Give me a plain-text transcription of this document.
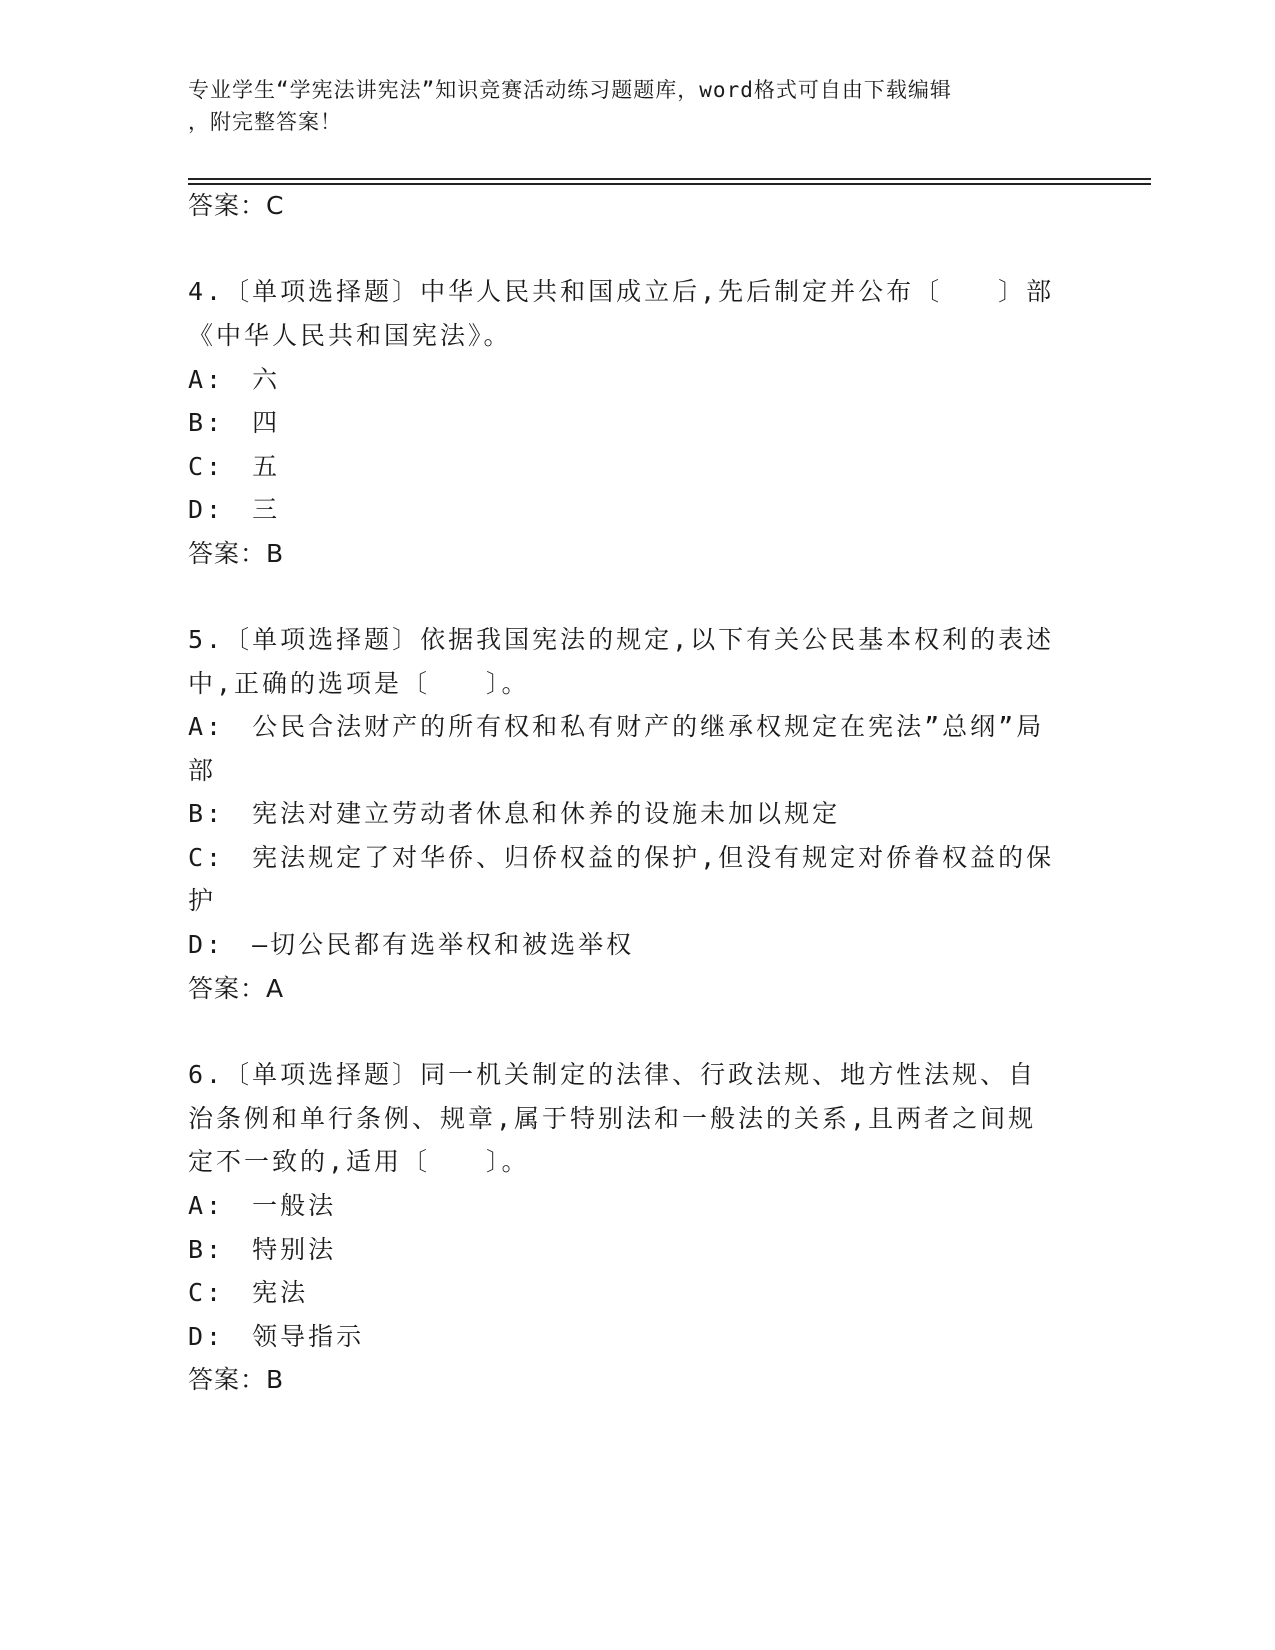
专业学生“学宪法讲宪法”知识竞赛活动练习题题库，word格式可自由下载编辑
，附完整答案！
答案：C
4.〔单项选择题〕中华人民共和国成立后,先后制定并公布〔　　〕部
《中华人民共和国宪法》。
A:　六
B:　四
C:　五
D:　三
答案：B
5.〔单项选择题〕依据我国宪法的规定,以下有关公民基本权利的表述
中,正确的选项是〔　　〕。
A:　公民合法财产的所有权和私有财产的继承权规定在宪法”总纲”局
部
B:　宪法对建立劳动者休息和休养的设施未加以规定
C:　宪法规定了对华侨、归侨权益的保护,但没有规定对侨眷权益的保
护
D:　—切公民都有选举权和被选举权
答案：A
6.〔单项选择题〕同一机关制定的法律、行政法规、地方性法规、自
治条例和单行条例、规章,属于特别法和一般法的关系,且两者之间规
定不一致的,适用〔　　〕。
A:　一般法
B:　特别法
C:　宪法
D:　领导指示
答案：B
